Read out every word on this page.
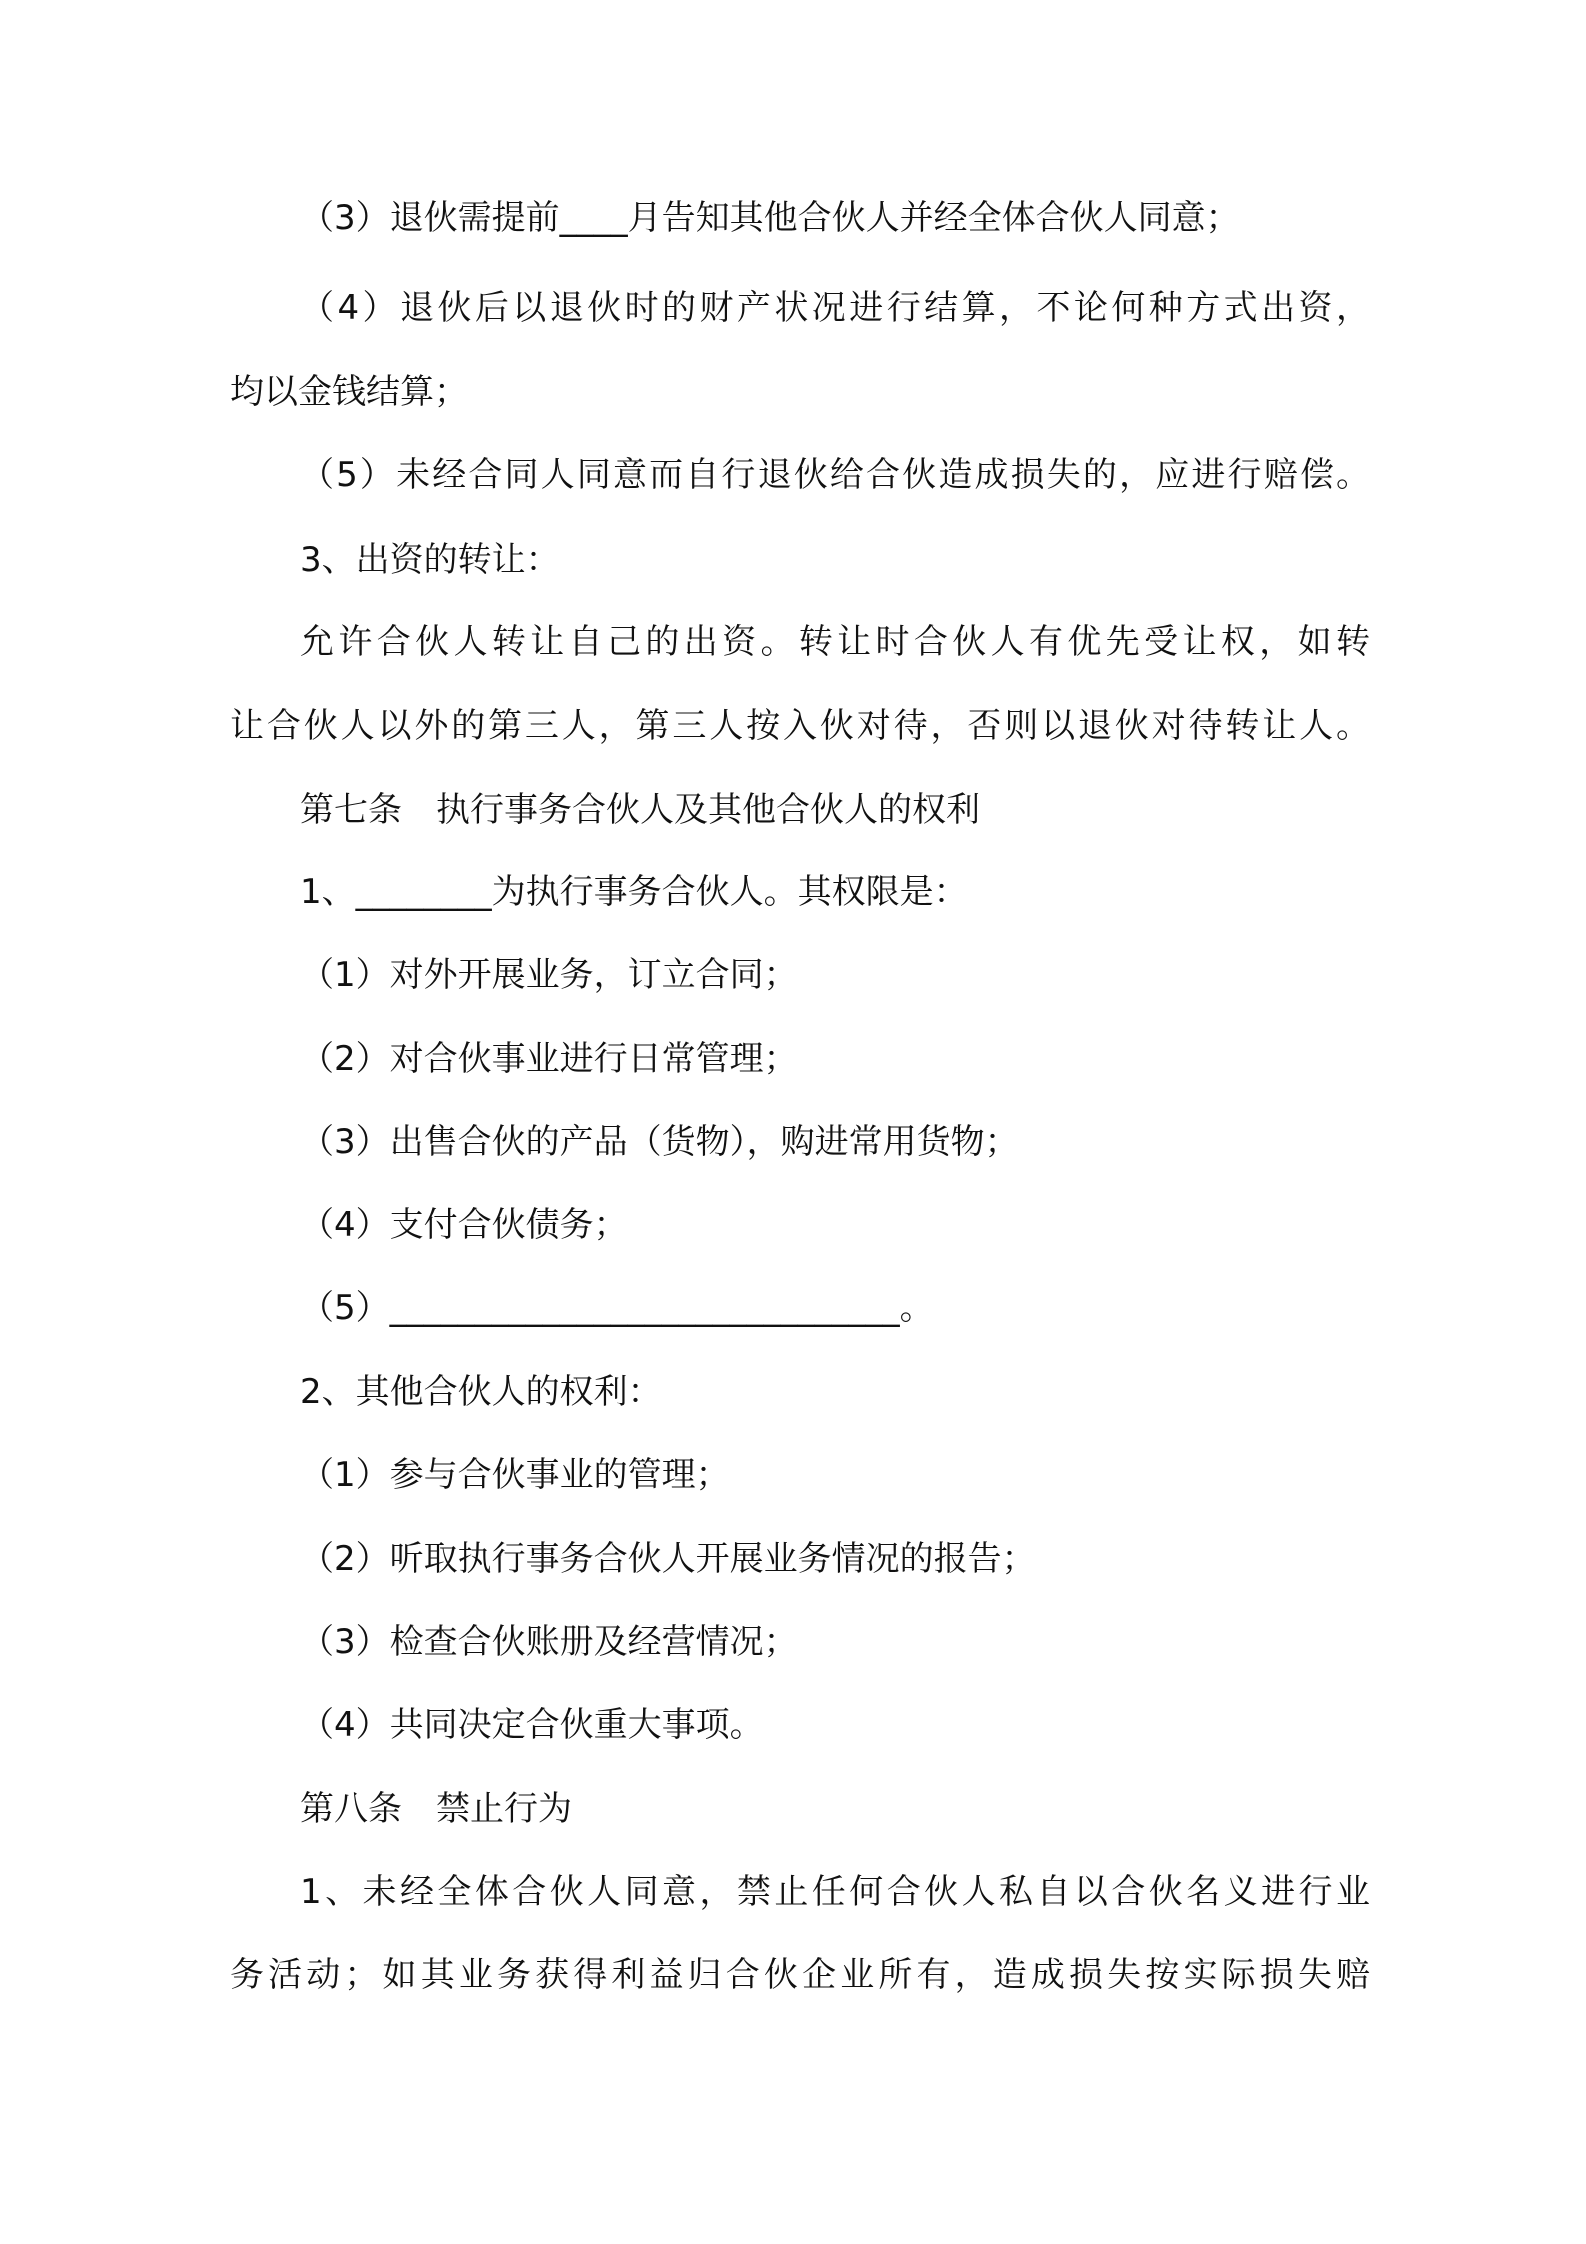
（3）退伙需提前____月告知其他合伙人并经全体合伙人同意；

（4）退伙后以退伙时的财产状况进行结算，不论何种方式出资，

均以金钱结算；

（5）未经合同人同意而自行退伙给合伙造成损失的，应进行赔偿。

3、出资的转让：

允许合伙人转让自己的出资。转让时合伙人有优先受让权，如转

让合伙人以外的第三人，第三人按入伙对待，否则以退伙对待转让人。

第七条　执行事务合伙人及其他合伙人的权利

1、________为执行事务合伙人。其权限是：

（1）对外开展业务，订立合同；

（2）对合伙事业进行日常管理；

（3）出售合伙的产品（货物），购进常用货物；

（4）支付合伙债务；

（5）______________________________。

2、其他合伙人的权利：

（1）参与合伙事业的管理；

（2）听取执行事务合伙人开展业务情况的报告；

（3）检查合伙账册及经营情况；

（4）共同决定合伙重大事项。

第八条　禁止行为

1、未经全体合伙人同意，禁止任何合伙人私自以合伙名义进行业

务活动；如其业务获得利益归合伙企业所有，造成损失按实际损失赔
